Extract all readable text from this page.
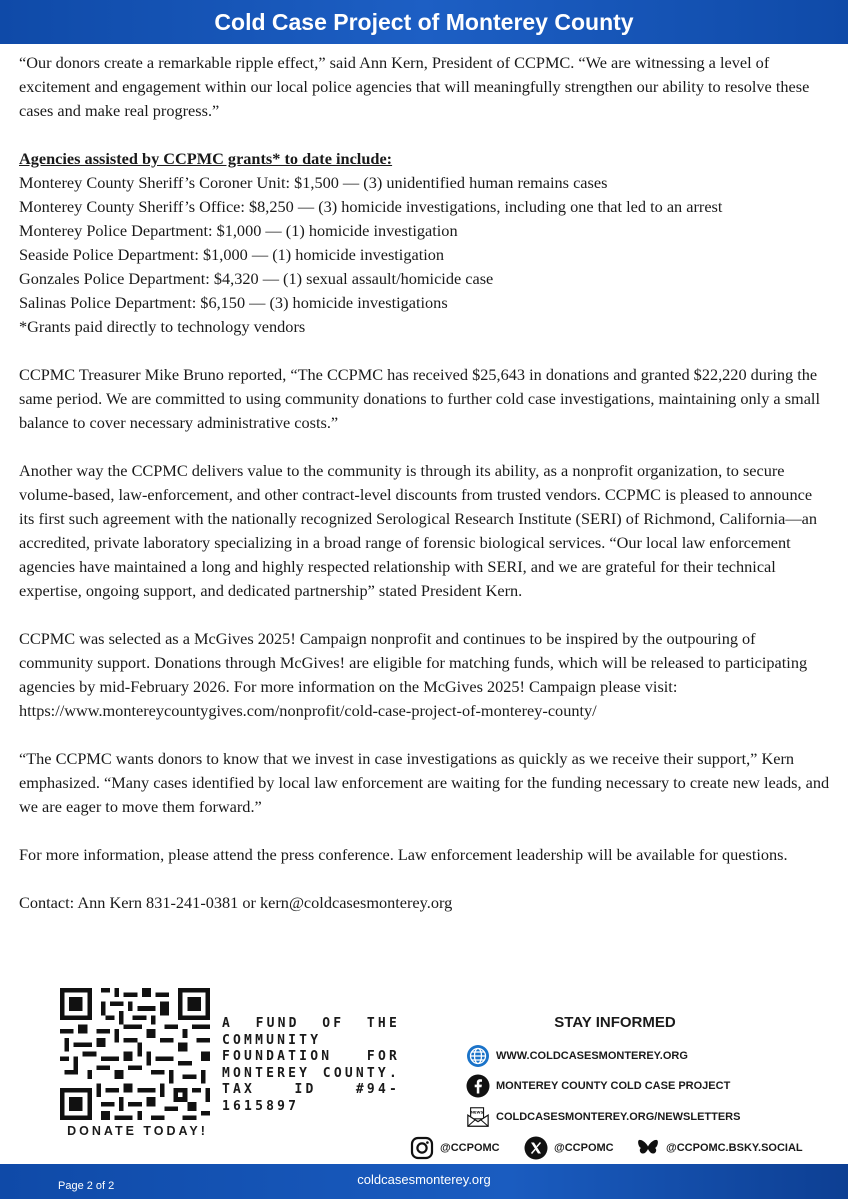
Cold Case Project of Monterey County

“Our donors create a remarkable ripple effect,” said Ann Kern, President of CCPMC. “We are witnessing a level of excitement and engagement within our local police agencies that will meaningfully strengthen our ability to resolve these cases and make real progress.”

Agencies assisted by CCPMC grants* to date include:

Monterey County Sheriff’s Coroner Unit: $1,500 — (3) unidentified human remains cases

Monterey County Sheriff’s Office: $8,250 — (3) homicide investigations, including one that led to an arrest

Monterey Police Department: $1,000 — (1) homicide investigation

Seaside Police Department: $1,000 — (1) homicide investigation

Gonzales Police Department: $4,320 — (1) sexual assault/homicide case

Salinas Police Department: $6,150 — (3) homicide investigations

*Grants paid directly to technology vendors

CCPMC Treasurer Mike Bruno reported, “The CCPMC has received $25,643 in donations and granted $22,220 during the same period. We are committed to using community donations to further cold case investigations, maintaining only a small balance to cover necessary administrative costs.”

Another way the CCPMC delivers value to the community is through its ability, as a nonprofit organization, to secure volume-based, law-enforcement, and other contract-level discounts from trusted vendors. CCPMC is pleased to announce its first such agreement with the nationally recognized Serological Research Institute (SERI) of Richmond, California—an accredited, private laboratory specializing in a broad range of forensic biological services. “Our local law enforcement agencies have maintained a long and highly respected relationship with SERI, and we are grateful for their technical expertise, ongoing support, and dedicated partnership” stated President Kern.

CCPMC was selected as a McGives 2025! Campaign nonprofit and continues to be inspired by the outpouring of community support. Donations through McGives! are eligible for matching funds, which will be released to participating agencies by mid-February 2026. For more information on the McGives 2025! Campaign please visit: https://www.montereycountygives.com/nonprofit/cold-case-project-of-monterey-county/

“The CCPMC wants donors to know that we invest in case investigations as quickly as we receive their support,” Kern emphasized. “Many cases identified by local law enforcement are waiting for the funding necessary to create new leads, and we are eager to move them forward.”

For more information, please attend the press conference. Law enforcement leadership will be available for questions.

Contact: Ann Kern 831-241-0381 or kern@coldcasesmonterey.org

DONATE TODAY!
A FUND OF THE COMMUNITY FOUNDATION FOR MONTEREY COUNTY. TAX ID #94-1615897
STAY INFORMED
WWW.COLDCASESMONTEREY.ORG
MONTEREY COUNTY COLD CASE PROJECT
NEWS COLDCASESMONTEREY.ORG/NEWSLETTERS
@CCPOMC	@CCPOMC	@CCPOMC.BSKY.SOCIAL
Page 2 of 2	coldcasesmonterey.org
